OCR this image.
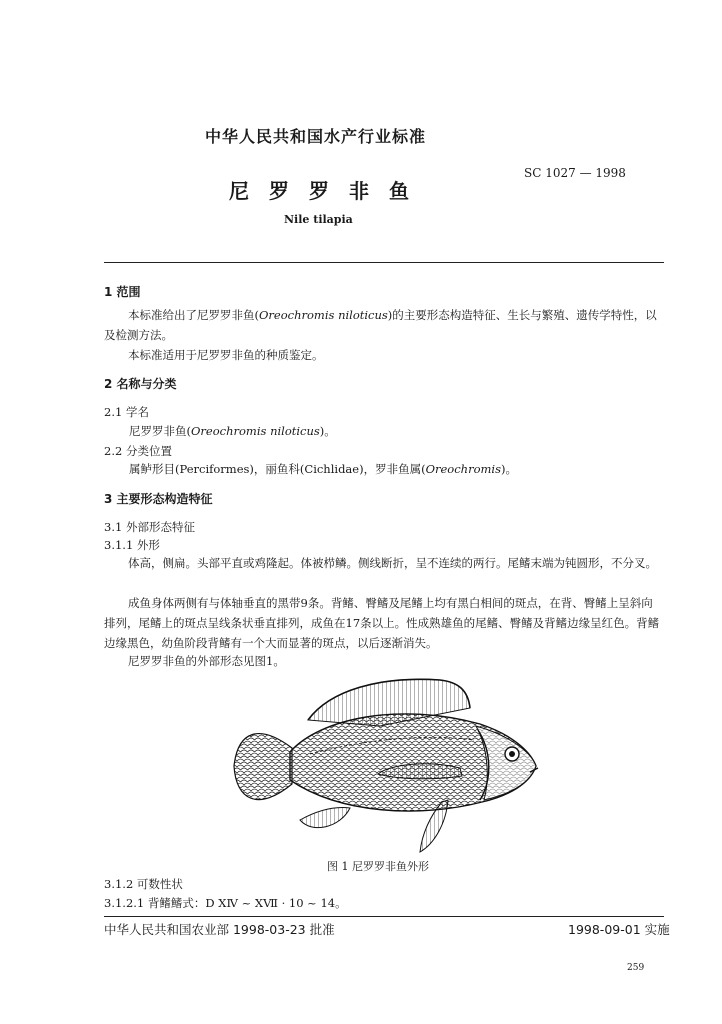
中华人民共和国水产行业标准
SC 1027 — 1998
尼罗罗非鱼
Nile tilapia
1 范围
本标准给出了尼罗罗非鱼(Oreochromis niloticus)的主要形态构造特征、生长与繁殖、遗传学特性，以及检测方法。
本标准适用于尼罗罗非鱼的种质鉴定。
2 名称与分类
2.1 学名
尼罗罗非鱼(Oreochromis niloticus)。
2.2 分类位置
属鲈形目(Perciformes)，丽鱼科(Cichlidae)，罗非鱼属(Oreochromis)。
3 主要形态构造特征
3.1 外部形态特征
3.1.1 外形
体高，侧扁。头部平直或鸡隆起。体被栉鳞。侧线断折，呈不连续的两行。尾鳍末端为钝圆形，不分叉。
成鱼身体两侧有与体轴垂直的黑带9条。背鳍、臀鳍及尾鳍上均有黑白相间的斑点，在背、臀鳍上呈斜向排列，尾鳍上的斑点呈线条状垂直排列，成鱼在17条以上。性成熟雄鱼的尾鳍、臀鳍及背鳍边缘呈红色。背鳍边缘黑色，幼鱼阶段背鳍有一个大而显著的斑点，以后逐渐消失。
尼罗罗非鱼的外部形态见图1。
图 1 尼罗罗非鱼外形
3.1.2 可数性状
3.1.2.1 背鳍鳍式：D XⅣ ~ XⅦ · 10 ~ 14。
中华人民共和国农业部 1998-03-23 批准	1998-09-01 实施
259
